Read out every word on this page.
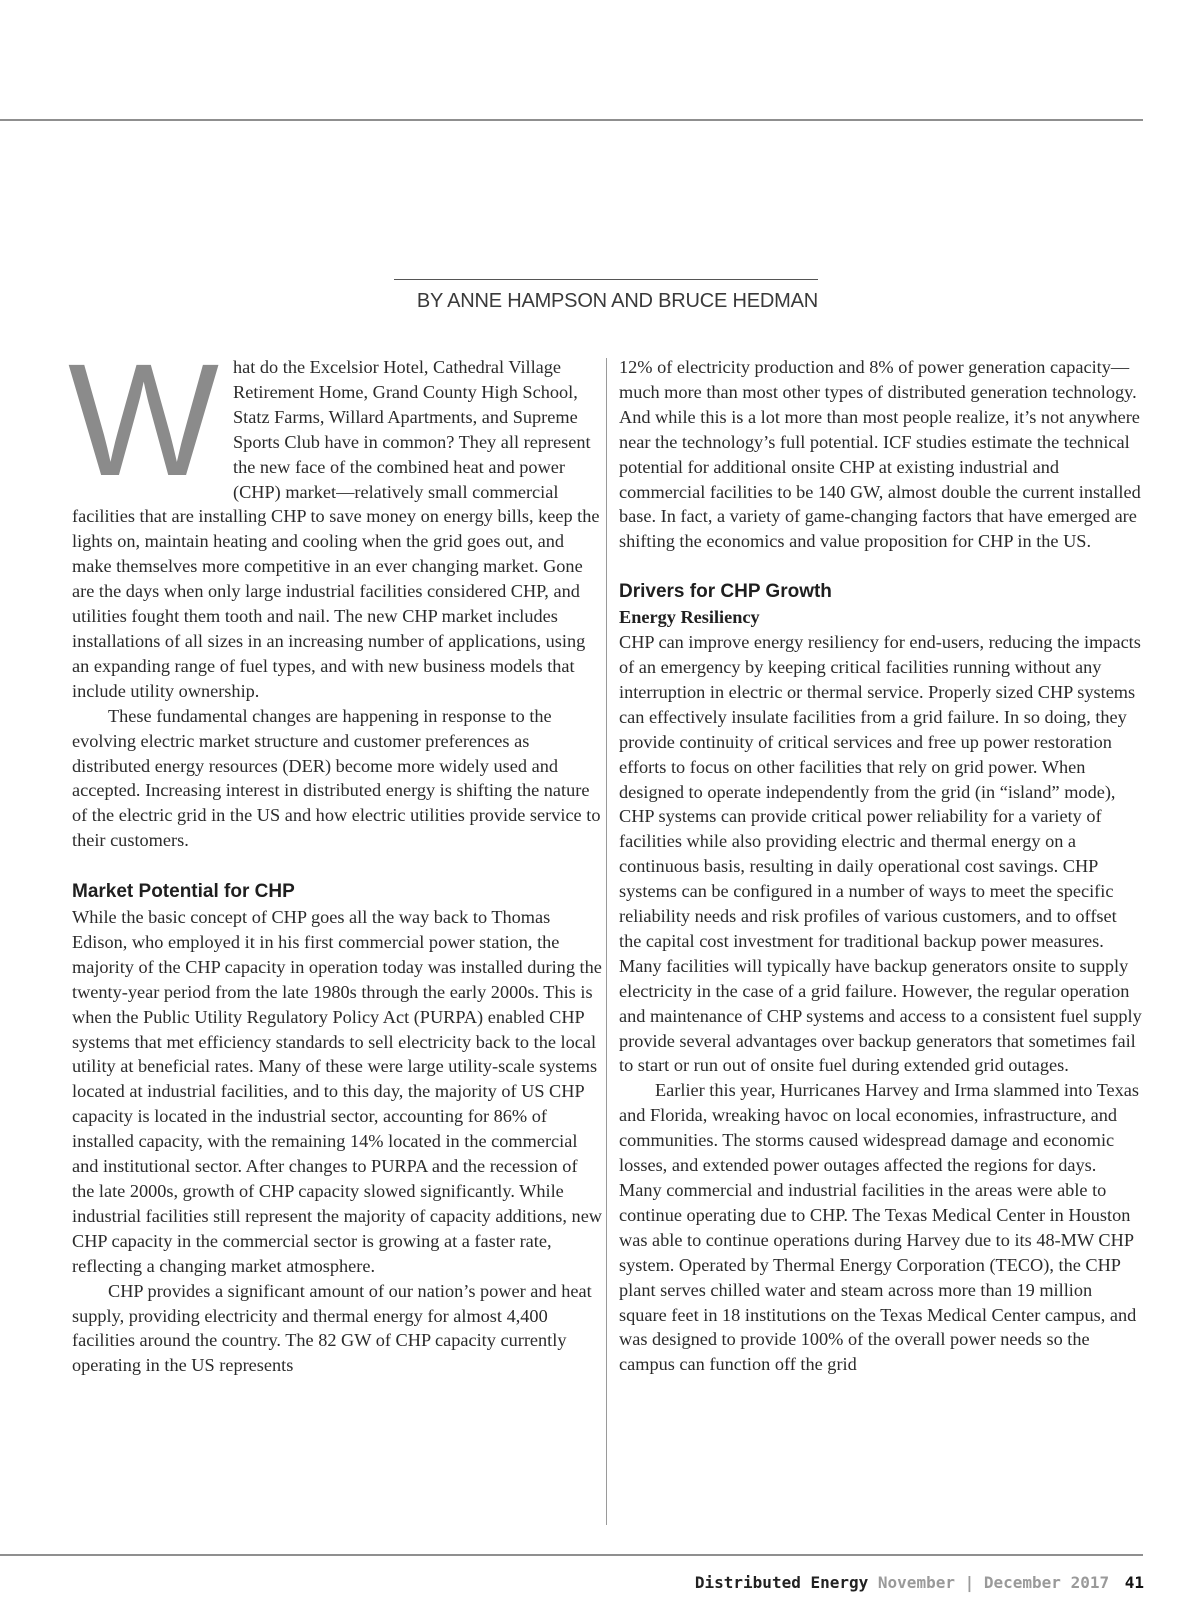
BY ANNE HAMPSON AND BRUCE HEDMAN

What do the Excelsior Hotel, Cathedral Village Retirement Home, Grand County High School, Statz Farms, Willard Apartments, and Supreme Sports Club have in common? They all represent the new face of the combined heat and power (CHP) market—relatively small commercial facilities that are installing CHP to save money on energy bills, keep the lights on, maintain heating and cooling when the grid goes out, and make themselves more competitive in an ever changing market. Gone are the days when only large industrial facilities considered CHP, and utilities fought them tooth and nail. The new CHP market includes installations of all sizes in an increasing number of applications, using an expanding range of fuel types, and with new business models that include utility ownership.

These fundamental changes are happening in response to the evolving electric market structure and customer preferences as distributed energy resources (DER) become more widely used and accepted. Increasing interest in distributed energy is shifting the nature of the electric grid in the US and how electric utilities provide service to their customers.

Market Potential for CHP

While the basic concept of CHP goes all the way back to Thomas Edison, who employed it in his first commercial power station, the majority of the CHP capacity in operation today was installed during the twenty-year period from the late 1980s through the early 2000s. This is when the Public Utility Regulatory Policy Act (PURPA) enabled CHP systems that met efficiency standards to sell electricity back to the local utility at beneficial rates. Many of these were large utility-scale systems located at industrial facilities, and to this day, the majority of US CHP capacity is located in the industrial sector, accounting for 86% of installed capacity, with the remaining 14% located in the commercial and institutional sector. After changes to PURPA and the recession of the late 2000s, growth of CHP capacity slowed significantly. While industrial facilities still represent the majority of capacity additions, new CHP capacity in the commercial sector is growing at a faster rate, reflecting a changing market atmosphere.

CHP provides a significant amount of our nation’s power and heat supply, providing electricity and thermal energy for almost 4,400 facilities around the country. The 82 GW of CHP capacity currently operating in the US represents

12% of electricity production and 8% of power generation capacity—much more than most other types of distributed generation technology. And while this is a lot more than most people realize, it’s not anywhere near the technology’s full potential. ICF studies estimate the technical potential for additional onsite CHP at existing industrial and commercial facilities to be 140 GW, almost double the current installed base. In fact, a variety of game-changing factors that have emerged are shifting the economics and value proposition for CHP in the US.

Drivers for CHP Growth
Energy Resiliency

CHP can improve energy resiliency for end-users, reducing the impacts of an emergency by keeping critical facilities running without any interruption in electric or thermal service. Properly sized CHP systems can effectively insulate facilities from a grid failure. In so doing, they provide continuity of critical services and free up power restoration efforts to focus on other facilities that rely on grid power. When designed to operate independently from the grid (in “island” mode), CHP systems can provide critical power reliability for a variety of facilities while also providing electric and thermal energy on a continuous basis, resulting in daily operational cost savings. CHP systems can be configured in a number of ways to meet the specific reliability needs and risk profiles of various customers, and to offset the capital cost investment for traditional backup power measures. Many facilities will typically have backup generators onsite to supply electricity in the case of a grid failure. However, the regular operation and maintenance of CHP systems and access to a consistent fuel supply provide several advantages over backup generators that sometimes fail to start or run out of onsite fuel during extended grid outages.

Earlier this year, Hurricanes Harvey and Irma slammed into Texas and Florida, wreaking havoc on local economies, infrastructure, and communities. The storms caused widespread damage and economic losses, and extended power outages affected the regions for days. Many commercial and industrial facilities in the areas were able to continue operating due to CHP. The Texas Medical Center in Houston was able to continue operations during Harvey due to its 48-MW CHP system. Operated by Thermal Energy Corporation (TECO), the CHP plant serves chilled water and steam across more than 19 million square feet in 18 institutions on the Texas Medical Center campus, and was designed to provide 100% of the overall power needs so the campus can function off the grid

Distributed Energy November | December 2017 41
